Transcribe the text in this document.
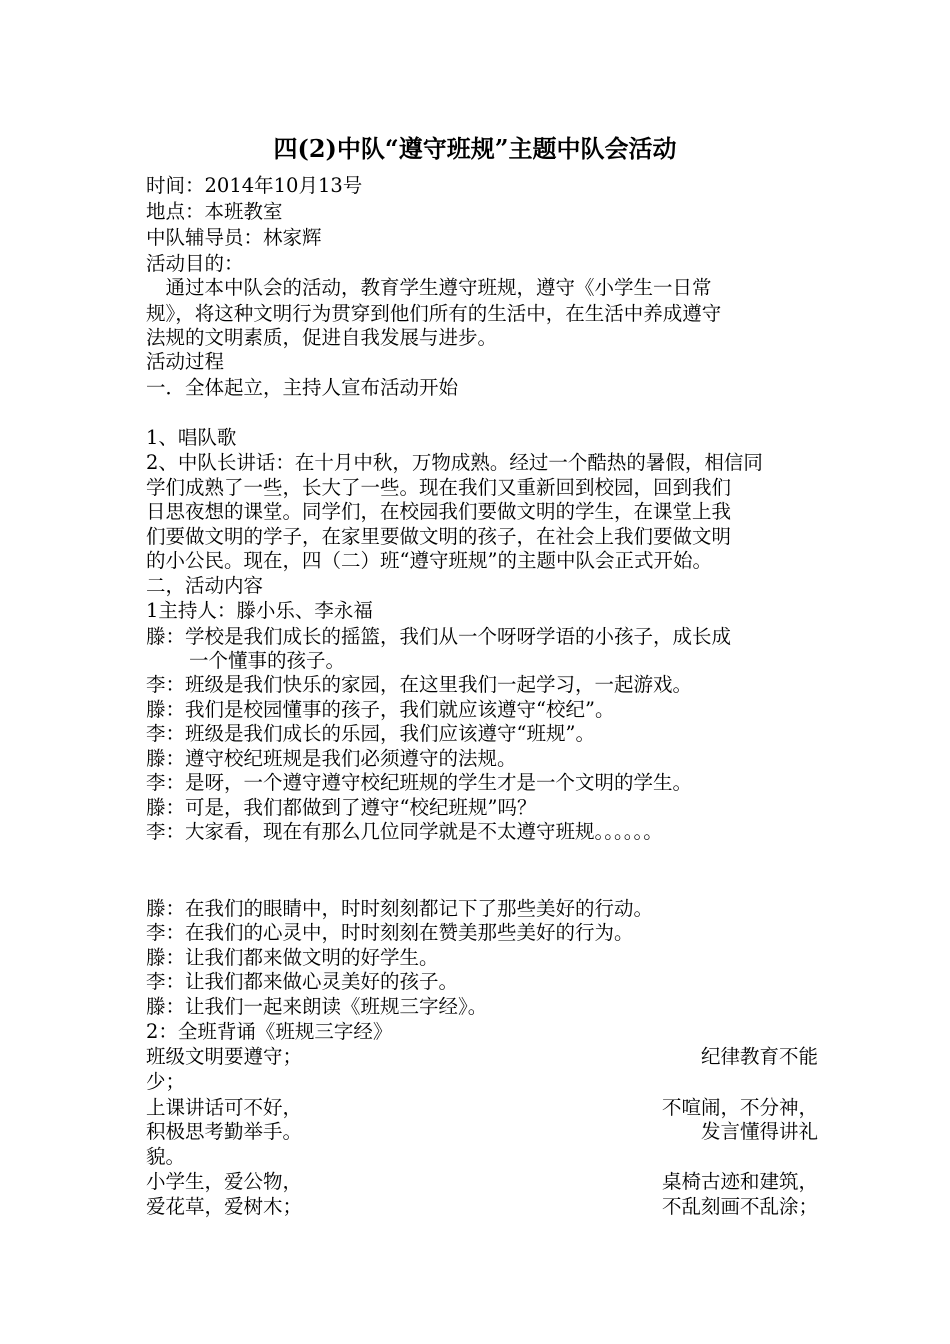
四(2)中队“遵守班规”主题中队会活动
时间：2014年10月13号
地点：本班教室
中队辅导员：林家辉
活动目的：
　通过本中队会的活动，教育学生遵守班规，遵守《小学生一日常
规》，将这种文明行为贯穿到他们所有的生活中，在生活中养成遵守
法规的文明素质，促进自我发展与进步。
活动过程
一．全体起立，主持人宣布活动开始
1、唱队歌
2、中队长讲话：在十月中秋，万物成熟。经过一个酷热的暑假，相信同
学们成熟了一些，长大了一些。现在我们又重新回到校园，回到我们
日思夜想的课堂。同学们，在校园我们要做文明的学生，在课堂上我
们要做文明的学子，在家里要做文明的孩子，在社会上我们要做文明
的小公民。现在，四（二）班“遵守班规”的主题中队会正式开始。
二，活动内容
1主持人：滕小乐、李永福
滕：学校是我们成长的摇篮，我们从一个呀呀学语的小孩子，成长成
一个懂事的孩子。
李：班级是我们快乐的家园，在这里我们一起学习，一起游戏。
滕：我们是校园懂事的孩子，我们就应该遵守“校纪”。
李：班级是我们成长的乐园，我们应该遵守“班规”。
滕：遵守校纪班规是我们必须遵守的法规。
李：是呀，一个遵守遵守校纪班规的学生才是一个文明的学生。
滕：可是，我们都做到了遵守“校纪班规”吗？
李：大家看，现在有那么几位同学就是不太遵守班规。。。。。。
滕：在我们的眼睛中，时时刻刻都记下了那些美好的行动。
李：在我们的心灵中，时时刻刻在赞美那些美好的行为。
滕：让我们都来做文明的好学生。
李：让我们都来做心灵美好的孩子。
滕：让我们一起来朗读《班规三字经》。
2：全班背诵《班规三字经》
班级文明要遵守；	纪律教育不能
少；
上课讲话可不好，	不喧闹，不分神，
积极思考勤举手。	发言懂得讲礼
貌。
小学生，爱公物，	桌椅古迹和建筑，
爱花草，爱树木；	不乱刻画不乱涂；
